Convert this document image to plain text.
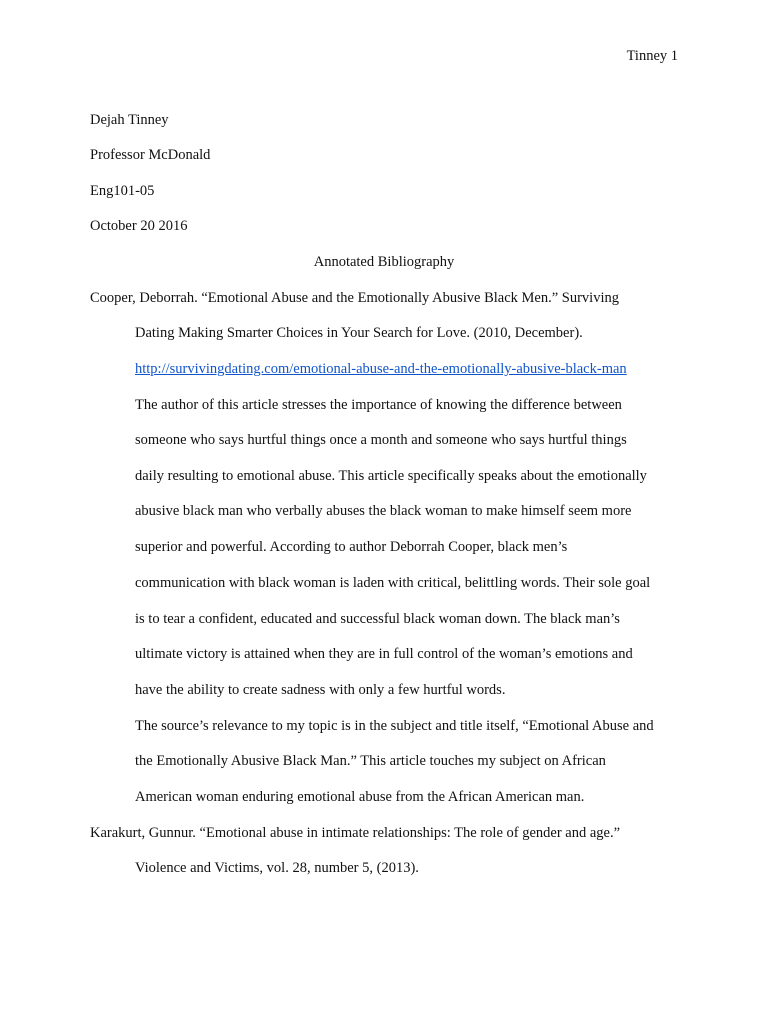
Tinney 1
Dejah Tinney
Professor McDonald
Eng101-05
October 20 2016
Annotated Bibliography
Cooper, Deborrah. “Emotional Abuse and the Emotionally Abusive Black Men.” Surviving
Dating Making Smarter Choices in Your Search for Love. (2010, December).
http://survivingdating.com/emotional-abuse-and-the-emotionally-abusive-black-man
The author of this article stresses the importance of knowing the difference between
someone who says hurtful things once a month and someone who says hurtful things
daily resulting to emotional abuse. This article specifically speaks about the emotionally
abusive black man who verbally abuses the black woman to make himself seem more
superior and powerful. According to author Deborrah Cooper, black men’s
communication with black woman is laden with critical, belittling words. Their sole goal
is to tear a confident, educated and successful black woman down. The black man’s
ultimate victory is attained when they are in full control of the woman’s emotions and
have the ability to create sadness with only a few hurtful words.
The source’s relevance to my topic is in the subject and title itself, “Emotional Abuse and
the Emotionally Abusive Black Man.” This article touches my subject on African
American woman enduring emotional abuse from the African American man.
Karakurt, Gunnur. “Emotional abuse in intimate relationships: The role of gender and age.”
Violence and Victims, vol. 28, number 5, (2013).
